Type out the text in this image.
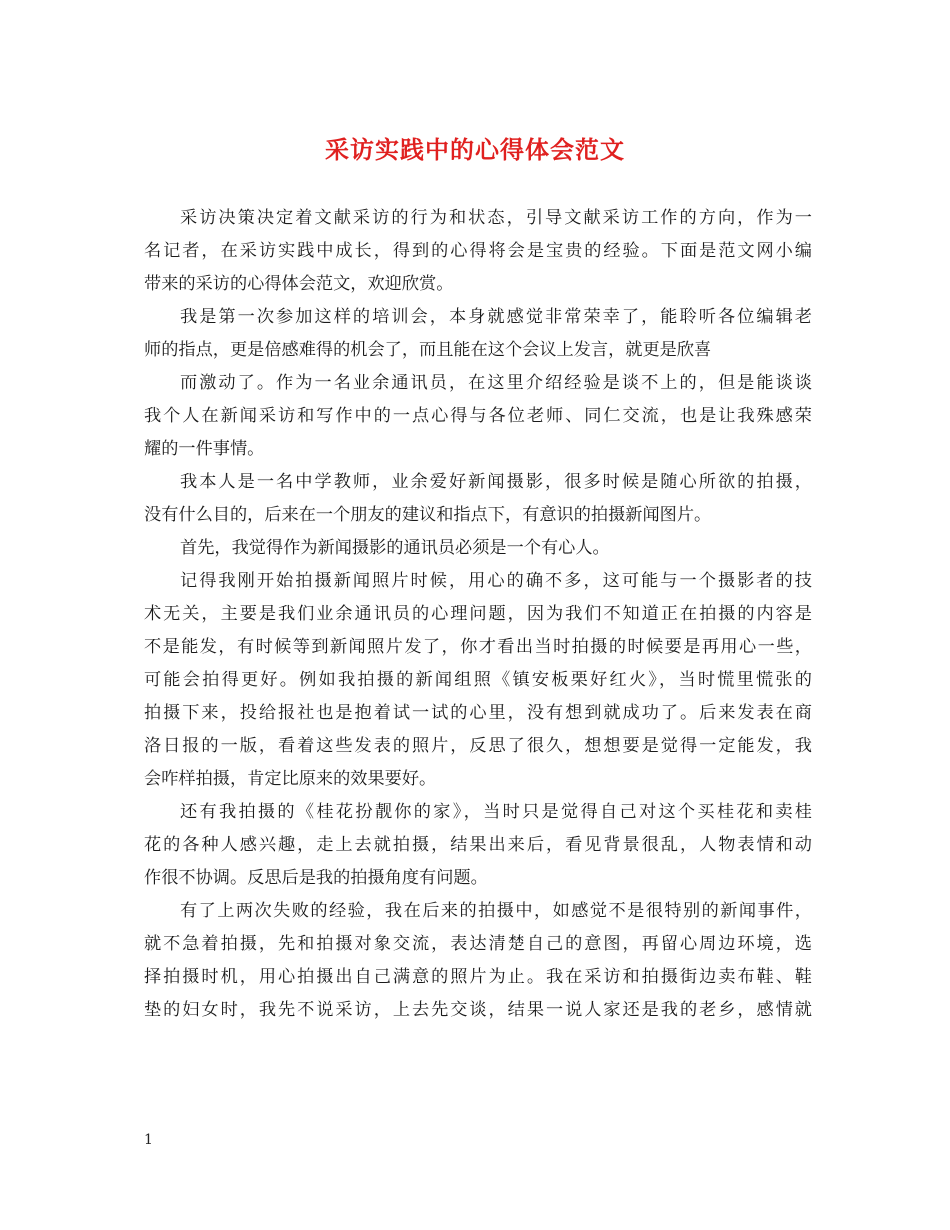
采访实践中的心得体会范文
采访决策决定着文献采访的行为和状态，引导文献采访工作的方向，作为一
名记者，在采访实践中成长，得到的心得将会是宝贵的经验。下面是范文网小编
带来的采访的心得体会范文，欢迎欣赏。
我是第一次参加这样的培训会，本身就感觉非常荣幸了，能聆听各位编辑老
师的指点，更是倍感难得的机会了，而且能在这个会议上发言，就更是欣喜
而激动了。作为一名业余通讯员，在这里介绍经验是谈不上的，但是能谈谈
我个人在新闻采访和写作中的一点心得与各位老师、同仁交流，也是让我殊感荣
耀的一件事情。
我本人是一名中学教师，业余爱好新闻摄影，很多时候是随心所欲的拍摄，
没有什么目的，后来在一个朋友的建议和指点下，有意识的拍摄新闻图片。
首先，我觉得作为新闻摄影的通讯员必须是一个有心人。
记得我刚开始拍摄新闻照片时候，用心的确不多，这可能与一个摄影者的技
术无关，主要是我们业余通讯员的心理问题，因为我们不知道正在拍摄的内容是
不是能发，有时候等到新闻照片发了，你才看出当时拍摄的时候要是再用心一些，
可能会拍得更好。例如我拍摄的新闻组照《镇安板栗好红火》，当时慌里慌张的
拍摄下来，投给报社也是抱着试一试的心里，没有想到就成功了。后来发表在商
洛日报的一版，看着这些发表的照片，反思了很久，想想要是觉得一定能发，我
会咋样拍摄，肯定比原来的效果要好。
还有我拍摄的《桂花扮靓你的家》，当时只是觉得自己对这个买桂花和卖桂
花的各种人感兴趣，走上去就拍摄，结果出来后，看见背景很乱，人物表情和动
作很不协调。反思后是我的拍摄角度有问题。
有了上两次失败的经验，我在后来的拍摄中，如感觉不是很特别的新闻事件，
就不急着拍摄，先和拍摄对象交流，表达清楚自己的意图，再留心周边环境，选
择拍摄时机，用心拍摄出自己满意的照片为止。我在采访和拍摄街边卖布鞋、鞋
垫的妇女时，我先不说采访，上去先交谈，结果一说人家还是我的老乡，感情就
1
